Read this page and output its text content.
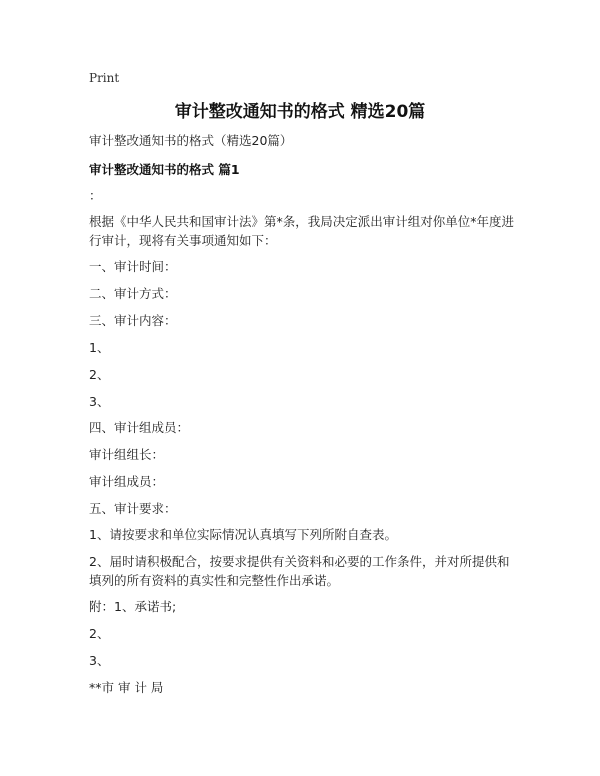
Print
审计整改通知书的格式 精选20篇
审计整改通知书的格式（精选20篇）
审计整改通知书的格式 篇1
：
根据《中华人民共和国审计法》第*条，我局决定派出审计组对你单位*年度进行审计，现将有关事项通知如下：
一、审计时间：
二、审计方式：
三、审计内容：
1、
2、
3、
四、审计组成员：
审计组组长：
审计组成员：
五、审计要求：
1、请按要求和单位实际情况认真填写下列所附自查表。
2、届时请积极配合，按要求提供有关资料和必要的工作条件，并对所提供和填列的所有资料的真实性和完整性作出承诺。
附：1、承诺书;
2、
3、
**市 审 计 局
